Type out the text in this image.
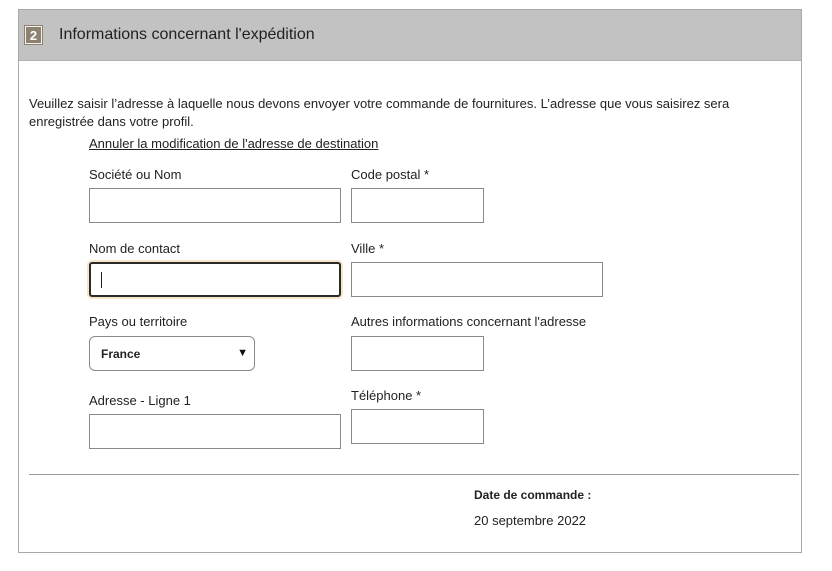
2	Informations concernant l'expédition
Veuillez saisir l’adresse à laquelle nous devons envoyer votre commande de fournitures. L’adresse que vous saisirez sera enregistrée dans votre profil.
Annuler la modification de l'adresse de destination
Société ou Nom
Nom de contact
Pays ou territoire
France	▼
Adresse - Ligne 1
Code postal *
Ville *
Autres informations concernant l'adresse
Téléphone *
Date de commande :
20 septembre 2022
